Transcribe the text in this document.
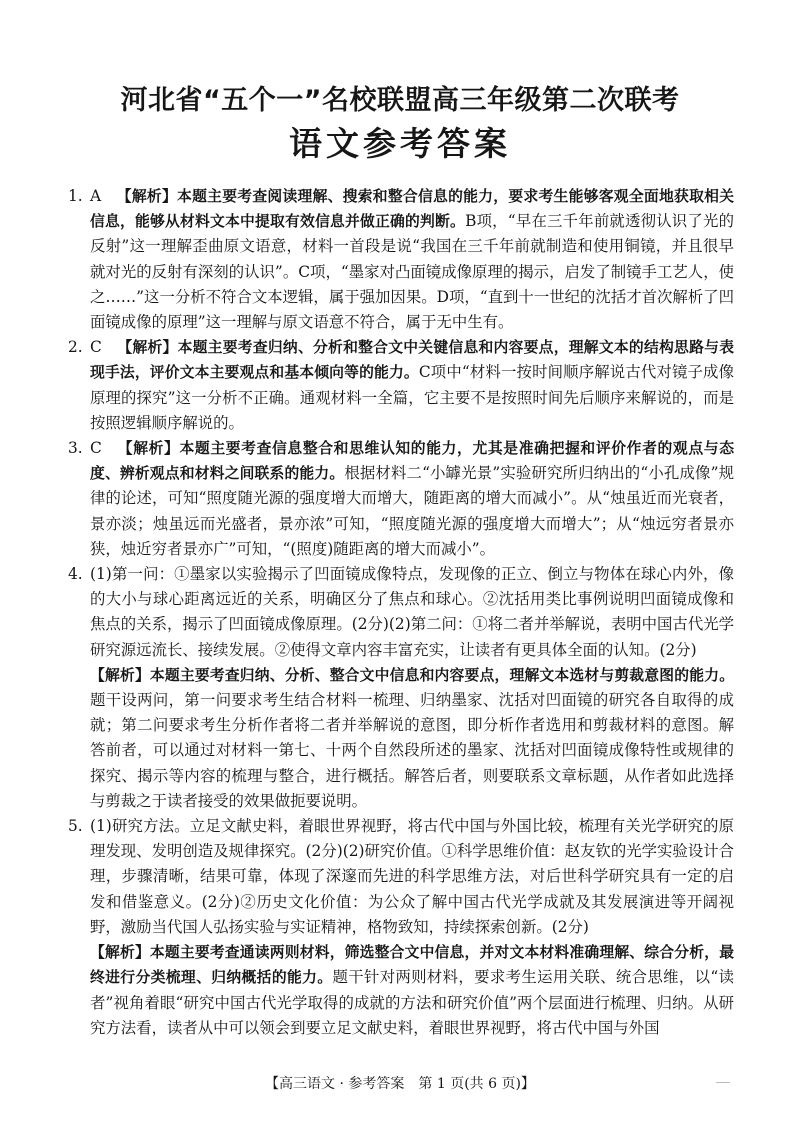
河北省“五个一”名校联盟高三年级第二次联考
语文参考答案
1. A  【解析】本题主要考查阅读理解、搜索和整合信息的能力，要求考生能够客观全面地获取相关信息，能够从材料文本中提取有效信息并做正确的判断。B项，“早在三千年前就透彻认识了光的反射”这一理解歪曲原文语意，材料一首段是说“我国在三千年前就制造和使用铜镜，并且很早就对光的反射有深刻的认识”。C项，“墨家对凸面镜成像原理的揭示，启发了制镜手工艺人，使之……”这一分析不符合文本逻辑，属于强加因果。D项，“直到十一世纪的沈括才首次解析了凹面镜成像的原理”这一理解与原文语意不符合，属于无中生有。
2. C  【解析】本题主要考查归纳、分析和整合文中关键信息和内容要点，理解文本的结构思路与表现手法，评价文本主要观点和基本倾向等的能力。C项中“材料一按时间顺序解说古代对镜子成像原理的探究”这一分析不正确。通观材料一全篇，它主要不是按照时间先后顺序来解说的，而是按照逻辑顺序解说的。
3. C  【解析】本题主要考查信息整合和思维认知的能力，尤其是准确把握和评价作者的观点与态度、辨析观点和材料之间联系的能力。根据材料二“小罅光景”实验研究所归纳出的“小孔成像”规律的论述，可知“照度随光源的强度增大而增大，随距离的增大而减小”。从“烛虽近而光衰者，景亦淡；烛虽远而光盛者，景亦浓”可知，“照度随光源的强度增大而增大”；从“烛远穷者景亦狭，烛近穷者景亦广”可知，“(照度)随距离的增大而减小”。
4. (1)第一问：①墨家以实验揭示了凹面镜成像特点，发现像的正立、倒立与物体在球心内外，像的大小与球心距离远近的关系，明确区分了焦点和球心。②沈括用类比事例说明凹面镜成像和焦点的关系，揭示了凹面镜成像原理。(2分)(2)第二问：①将二者并举解说，表明中国古代光学研究源远流长、接续发展。②使得文章内容丰富充实，让读者有更具体全面的认知。(2分)

【解析】本题主要考查归纳、分析、整合文中信息和内容要点，理解文本选材与剪裁意图的能力。题干设两问，第一问要求考生结合材料一梳理、归纳墨家、沈括对凹面镜的研究各自取得的成就；第二问要求考生分析作者将二者并举解说的意图，即分析作者选用和剪裁材料的意图。解答前者，可以通过对材料一第七、十两个自然段所述的墨家、沈括对凹面镜成像特性或规律的探究、揭示等内容的梳理与整合，进行概括。解答后者，则要联系文章标题，从作者如此选择与剪裁之于读者接受的效果做扼要说明。

5. (1)研究方法。立足文献史料，着眼世界视野，将古代中国与外国比较，梳理有关光学研究的原理发现、发明创造及规律探究。(2分)(2)研究价值。①科学思维价值：赵友钦的光学实验设计合理，步骤清晰，结果可靠，体现了深邃而先进的科学思维方法，对后世科学研究具有一定的启发和借鉴意义。(2分)②历史文化价值：为公众了解中国古代光学成就及其发展演进等开阔视野，激励当代国人弘扬实验与实证精神，格物致知，持续探索创新。(2分)

【解析】本题主要考查通读两则材料，筛选整合文中信息，并对文本材料准确理解、综合分析，最终进行分类梳理、归纳概括的能力。题干针对两则材料，要求考生运用关联、统合思维，以“读者”视角着眼“研究中国古代光学取得的成就的方法和研究价值”两个层面进行梳理、归纳。从研究方法看，读者从中可以领会到要立足文献史料，着眼世界视野，将古代中国与外国

【高三语文 · 参考答案　第 1 页(共 6 页)】
